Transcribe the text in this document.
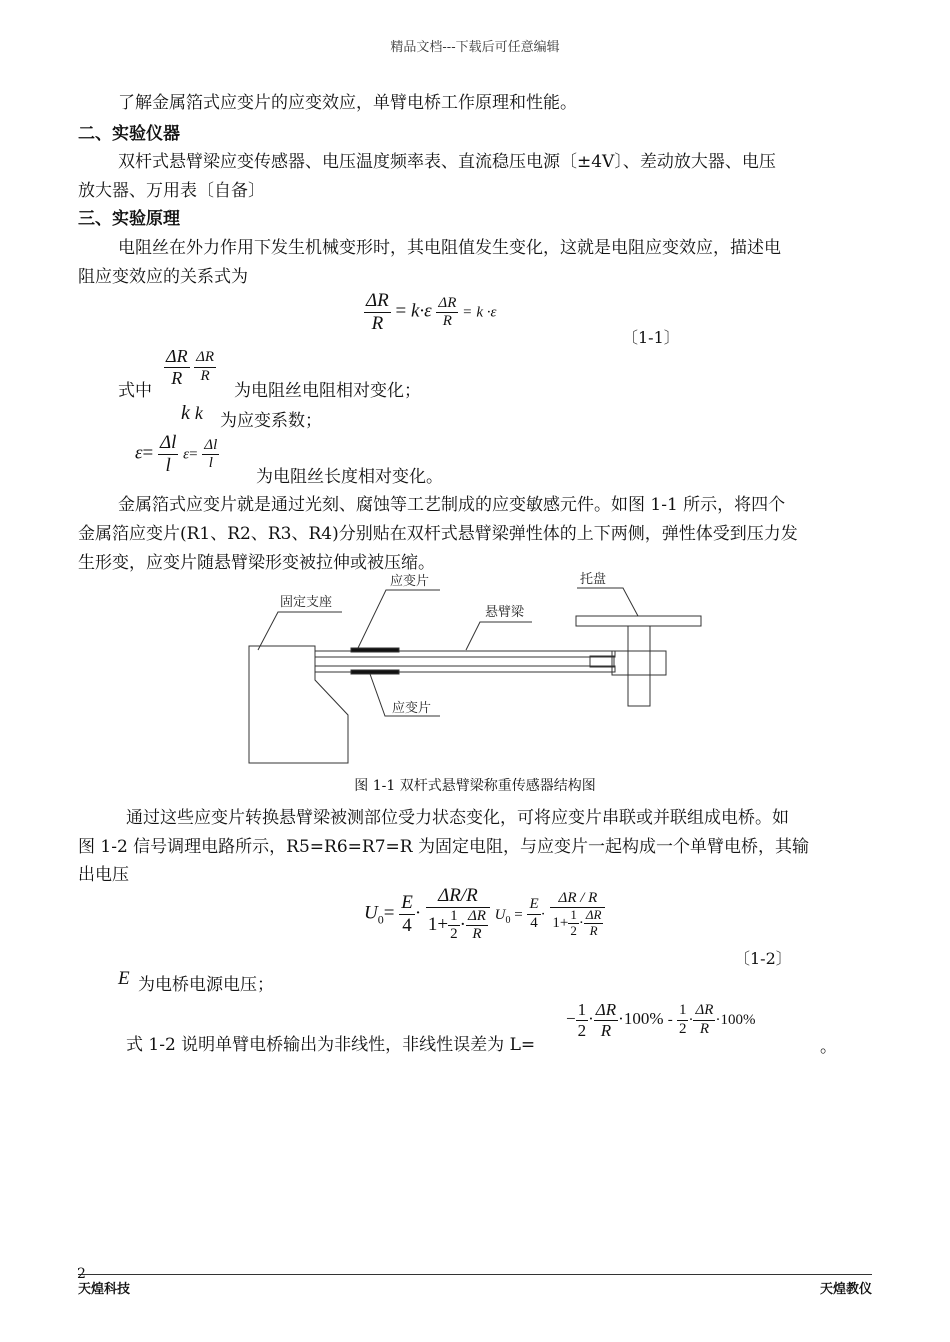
精品文档---下载后可任意编辑
了解金属箔式应变片的应变效应，单臂电桥工作原理和性能。
二、实验仪器
双杆式悬臂梁应变传感器、电压温度频率表、直流稳压电源〔±4V〕、差动放大器、电压
放大器、万用表〔自备〕
三、实验原理
电阻丝在外力作用下发生机械变形时，其电阻值发生变化，这就是电阻应变效应，描述电
阻应变效应的关系式为
$\frac{\Delta R}{R} = k\cdot\varepsilon \frac{\Delta R}{R} = k \cdot\varepsilon$
〔1-1〕
$\frac{\Delta R}{R}$
$\frac{\Delta R}{R}$
式中	为电阻丝电阻相对变化；
k k 为应变系数；
$\varepsilon= \frac{\Delta l}{l} \varepsilon= \frac{\Delta l}{l}$
为电阻丝长度相对变化。
金属箔式应变片就是通过光刻、腐蚀等工艺制成的应变敏感元件。如图 1-1 所示，将四个
金属箔应变片(R1、R2、R3、R4)分别贴在双杆式悬臂梁弹性体的上下两侧，弹性体受到压力发
生形变，应变片随悬臂梁形变被拉伸或被压缩。
固定支座
应变片
悬臂梁
托盘
应变片
图 1-1 双杆式悬臂梁称重传感器结构图
通过这些应变片转换悬臂梁被测部位受力状态变化，可将应变片串联或并联组成电桥。如
图 1-2 信号调理电路所示，R5=R6=R7=R 为固定电阻，与应变片一起构成一个单臂电桥，其输
出电压
$U_0= \frac{E}{4} \cdot \frac{\Delta R/R}{1+ \frac{1}{2} \cdot \frac{\Delta R}{R}} U_0 = \frac{E}{4} \cdot \frac{\Delta R / R}{1+ \frac{1}{2} \cdot \frac{\Delta R}{R}}$
〔1-2〕
E 为电桥电源电压；
式 1-2 说明单臂电桥输出为非线性，非线性误差为 L=
− $\frac{1}{2} \cdot \frac{\Delta R}{R} \cdot 100\% - \frac{1}{2} \cdot \frac{\Delta R}{R} \cdot 100\%$
。
2
天煌科技	天煌教仪
